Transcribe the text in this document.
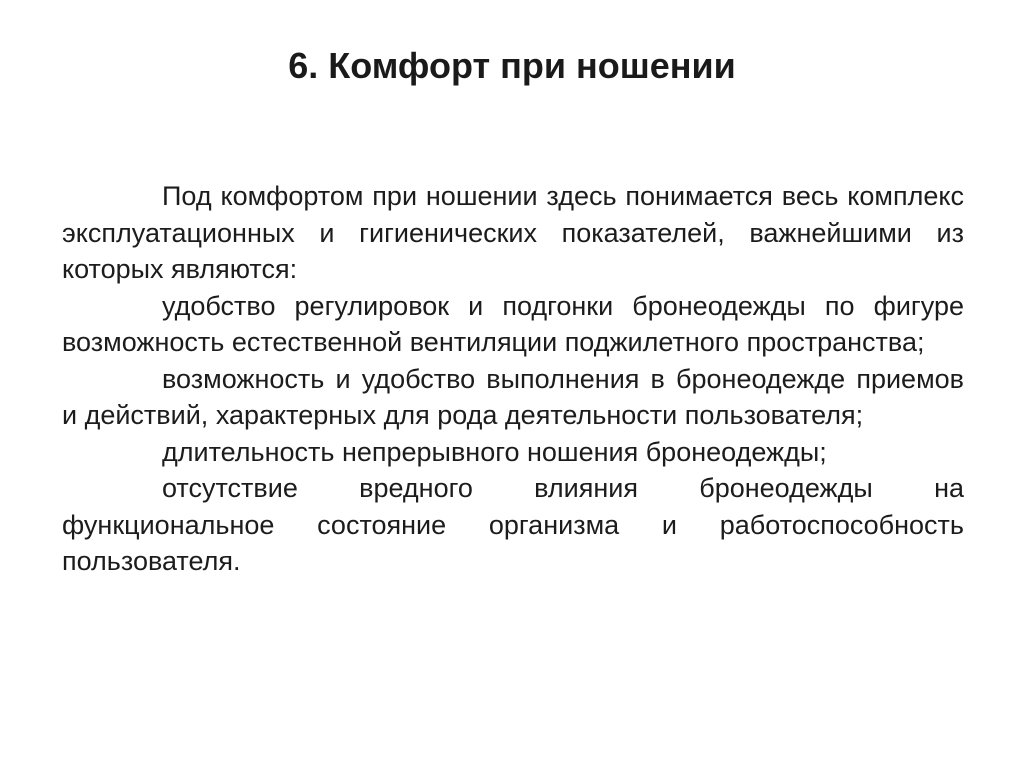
6. Комфорт при ношении

Под комфортом при ношении здесь понимается весь комплекс эксплуатационных и гигиенических показателей, важнейшими из которых являются:

удобство регулировок и подгонки бронеодежды по фигуре возможность естественной вентиляции поджилетного пространства;

возможность и удобство выполнения в бронеодежде приемов и действий, характерных для рода деятельности пользователя;

длительность непрерывного ношения бронеодежды;

отсутствие вредного влияния бронеодежды на функциональное состояние организма и работоспособность пользователя.
